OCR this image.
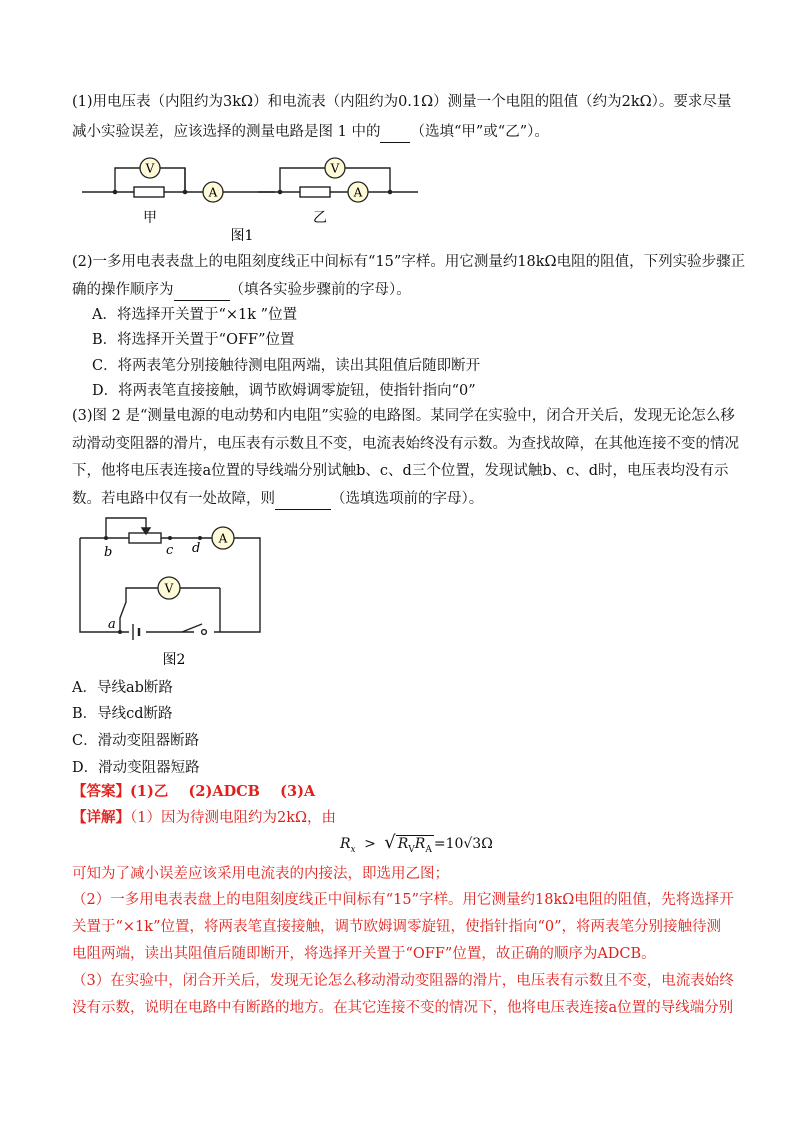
(1)用电压表（内阻约为3kΩ）和电流表（内阻约为0.1Ω）测量一个电阻的阻值（约为2kΩ）。要求尽量
减小实验误差，应该选择的测量电路是图 1 中的 （选填“甲”或“乙”）。
V
A
V
A
甲	乙
图1
(2)一多用电表表盘上的电阻刻度线正中间标有“15”字样。用它测量约18kΩ电阻的阻值，下列实验步骤正
确的操作顺序为	（填各实验步骤前的字母）。
A．将选择开关置于“×1k ”位置
B．将选择开关置于“OFF”位置
C．将两表笔分别接触待测电阻两端，读出其阻值后随即断开
D．将两表笔直接接触，调节欧姆调零旋钮，使指针指向“0”
(3)图 2 是“测量电源的电动势和内电阻”实验的电路图。某同学在实验中，闭合开关后，发现无论怎么移
动滑动变阻器的滑片，电压表有示数且不变，电流表始终没有示数。为查找故障，在其他连接不变的情况
下，他将电压表连接a位置的导线端分别试触b、c、d三个位置，发现试触b、c、d时，电压表均没有示
数。若电路中仅有一处故障，则	（选填选项前的字母）。
A
V
b	c d
a
图2
A．导线ab断路
B．导线cd断路
C．滑动变阻器断路
D．滑动变阻器短路
【答案】(1)乙    (2)ADCB    (3)A
【详解】（1）因为待测电阻约为2kΩ，由
$R_x$ > √ $R_VR_A =10√3\Omega$
可知为了减小误差应该采用电流表的内接法，即选用乙图；
（2）一多用电表表盘上的电阻刻度线正中间标有“15”字样。用它测量约18kΩ电阻的阻值，先将选择开
关置于“×1k”位置，将两表笔直接接触，调节欧姆调零旋钮，使指针指向“0”，将两表笔分别接触待测
电阻两端，读出其阻值后随即断开，将选择开关置于“OFF”位置，故正确的顺序为ADCB。
（3）在实验中，闭合开关后，发现无论怎么移动滑动变阻器的滑片，电压表有示数且不变，电流表始终
没有示数，说明在电路中有断路的地方。在其它连接不变的情况下，他将电压表连接a位置的导线端分别
